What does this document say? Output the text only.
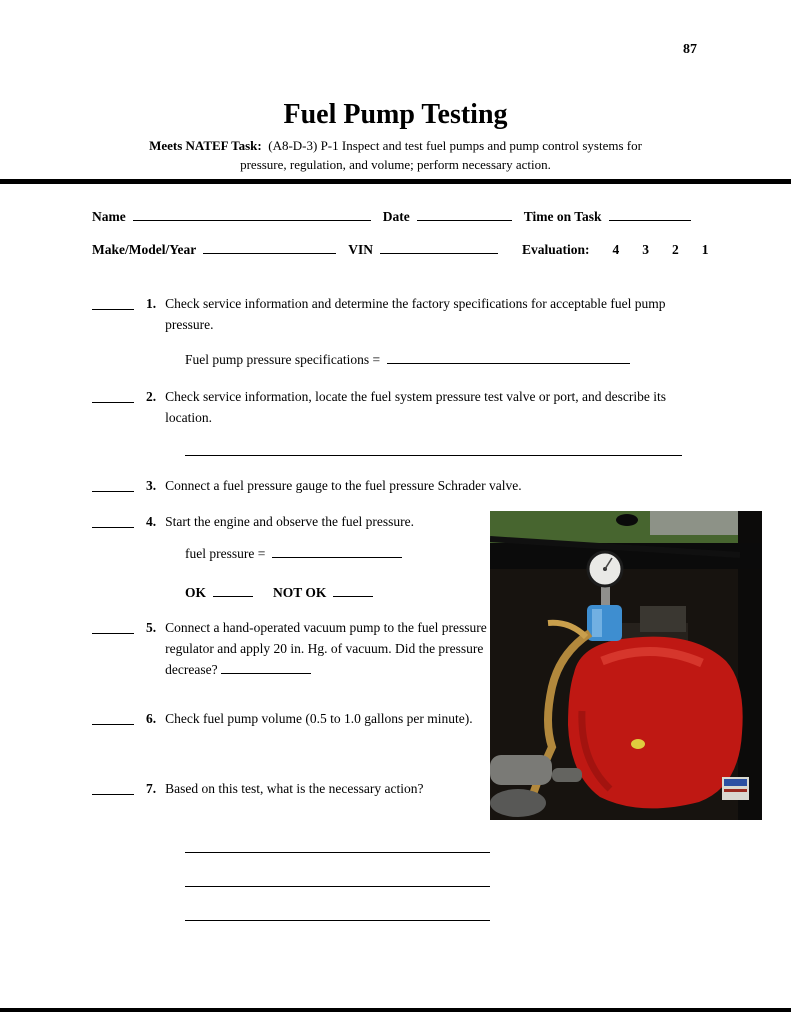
87
Fuel Pump Testing
Meets NATEF Task: (A8-D-3) P-1 Inspect and test fuel pumps and pump control systems for
pressure, regulation, and volume; perform necessary action.
Name	Date	Time on Task
Make/Model/Year	VIN	Evaluation: 4 3 2 1
1. Check service information and determine the factory specifications for acceptable fuel pump pressure.
Fuel pump pressure specifications =
2. Check service information, locate the fuel system pressure test valve or port, and describe its location.
3. Connect a fuel pressure gauge to the fuel pressure Schrader valve.
4. Start the engine and observe the fuel pressure.
fuel pressure =
OK	NOT OK
5. Connect a hand-operated vacuum pump to the fuel pressure regulator and apply 20 in. Hg. of vacuum. Did the pressure decrease?
6. Check fuel pump volume (0.5 to 1.0 gallons per minute).
7. Based on this test, what is the necessary action?
